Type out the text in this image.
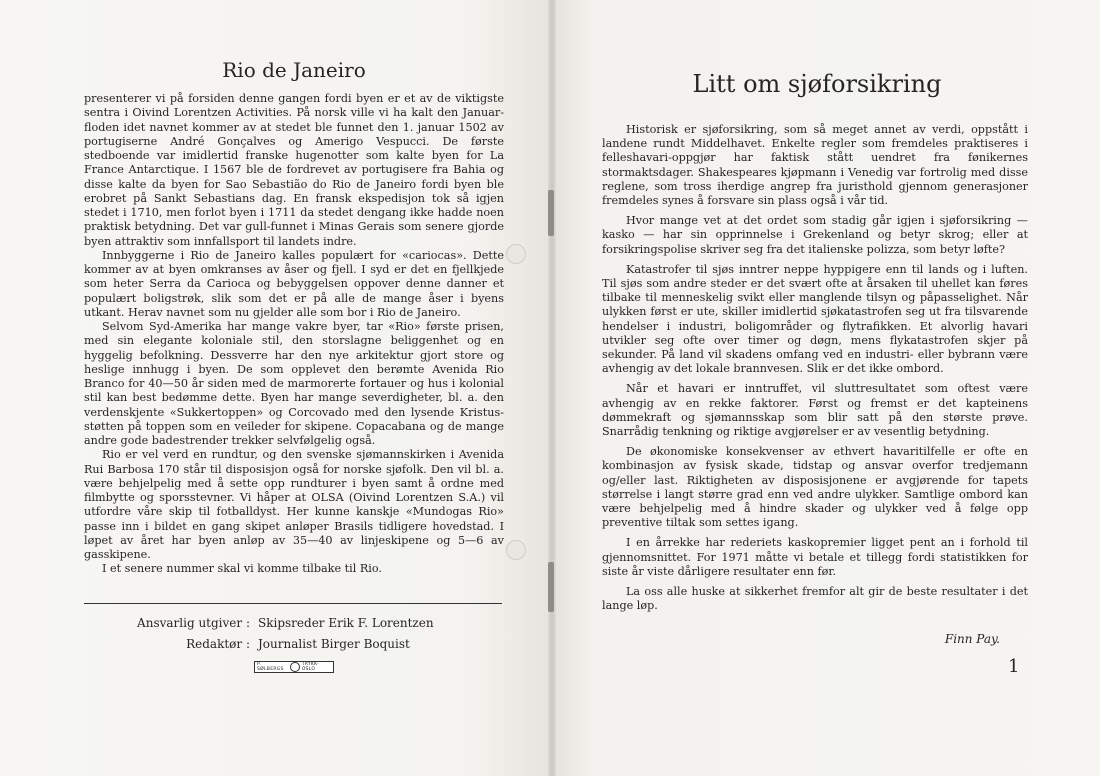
Rio de Janeiro

presenterer vi på forsiden denne gangen fordi byen er et av de viktigste sentra i Oivind Lorentzen Activities. På norsk ville vi ha kalt den Januar-floden idet navnet kommer av at stedet ble funnet den 1. januar 1502 av portugiserne André Gonçalves og Amerigo Vespucci. De første stedboende var imidlertid franske hugenotter som kalte byen for La France Antarctique. I 1567 ble de fordrevet av portugisere fra Bahia og disse kalte da byen for Sao Sebastião do Rio de Janeiro fordi byen ble erobret på Sankt Sebastians dag. En fransk ekspedisjon tok så igjen stedet i 1710, men forlot byen i 1711 da stedet dengang ikke hadde noen praktisk betydning. Det var gull-funnet i Minas Gerais som senere gjorde byen attraktiv som innfallsport til landets indre.

Innbyggerne i Rio de Janeiro kalles populært for «cariocas». Dette kommer av at byen omkranses av åser og fjell. I syd er det en fjellkjede som heter Serra da Carioca og bebyggelsen oppover denne danner et populært boligstrøk, slik som det er på alle de mange åser i byens utkant. Herav navnet som nu gjelder alle som bor i Rio de Janeiro.

Selvom Syd-Amerika har mange vakre byer, tar «Rio» første prisen, med sin elegante koloniale stil, den storslagne beliggenhet og en hyggelig befolkning. Dessverre har den nye arkitektur gjort store og heslige innhugg i byen. De som opplevet den berømte Avenida Rio Branco for 40—50 år siden med de marmorerte fortauer og hus i kolonial stil kan best bedømme dette. Byen har mange severdigheter, bl. a. den verdenskjente «Sukkertoppen» og Corcovado med den lysende Kristus-støtten på toppen som en veileder for skipene. Copacabana og de mange andre gode badestrender trekker selvfølgelig også.

Rio er vel verd en rundtur, og den svenske sjømannskirken i Avenida Rui Barbosa 170 står til disposisjon også for norske sjøfolk. Den vil bl. a. være behjelpelig med å sette opp rundturer i byen samt å ordne med filmbytte og sporsstevner. Vi håper at OLSA (Oivind Lorentzen S.A.) vil utfordre våre skip til fotballdyst. Her kunne kanskje «Mundogas Rio» passe inn i bildet en gang skipet anløper Brasils tidligere hovedstad. I løpet av året har byen anløp av 35—40 av linjeskipene og 5—6 av gasskipene.

I et senere nummer skal vi komme tilbake til Rio.

Ansvarlig utgiver : Skipsreder Erik F. Lorentzen
Redaktør : Journalist Birger Boquist
P. SØLBERGS
TRYKK-OSLO
Litt om sjøforsikring

Historisk er sjøforsikring, som så meget annet av verdi, oppstått i landene rundt Middelhavet. Enkelte regler som fremdeles praktiseres i felleshavari-oppgjør har faktisk stått uendret fra fønikernes stormaktsdager. Shakespeares kjøpmann i Venedig var fortrolig med disse reglene, som tross iherdige angrep fra juristhold gjennom generasjoner fremdeles synes å forsvare sin plass også i vår tid.

Hvor mange vet at det ordet som stadig går igjen i sjøforsikring — kasko — har sin opprinnelse i Grekenland og betyr skrog; eller at forsikringspolise skriver seg fra det italienske polizza, som betyr løfte?

Katastrofer til sjøs inntrer neppe hyppigere enn til lands og i luften. Til sjøs som andre steder er det svært ofte at årsaken til uhellet kan føres tilbake til menneskelig svikt eller manglende tilsyn og påpasselighet. Når ulykken først er ute, skiller imidlertid sjøkatastrofen seg ut fra tilsvarende hendelser i industri, boligområder og flytrafikken. Et alvorlig havari utvikler seg ofte over timer og døgn, mens flykatastrofen skjer på sekunder. På land vil skadens omfang ved en industri- eller bybrann være avhengig av det lokale brannvesen. Slik er det ikke ombord.

Når et havari er inntruffet, vil sluttresultatet som oftest være avhengig av en rekke faktorer. Først og fremst er det kapteinens dømmekraft og sjømannsskap som blir satt på den største prøve. Snarrådig tenkning og riktige avgjørelser er av vesentlig betydning.

De økonomiske konsekvenser av ethvert havaritilfelle er ofte en kombinasjon av fysisk skade, tidstap og ansvar overfor tredjemann og/eller last. Riktigheten av disposisjonene er avgjørende for tapets størrelse i langt større grad enn ved andre ulykker. Samtlige ombord kan være behjelpelig med å hindre skader og ulykker ved å følge opp preventive tiltak som settes igang.

I en årrekke har rederiets kaskopremier ligget pent an i forhold til gjennomsnittet. For 1971 måtte vi betale et tillegg fordi statistikken for siste år viste dårligere resultater enn før.

La oss alle huske at sikkerhet fremfor alt gir de beste resultater i det lange løp.

Finn Pay.
1
